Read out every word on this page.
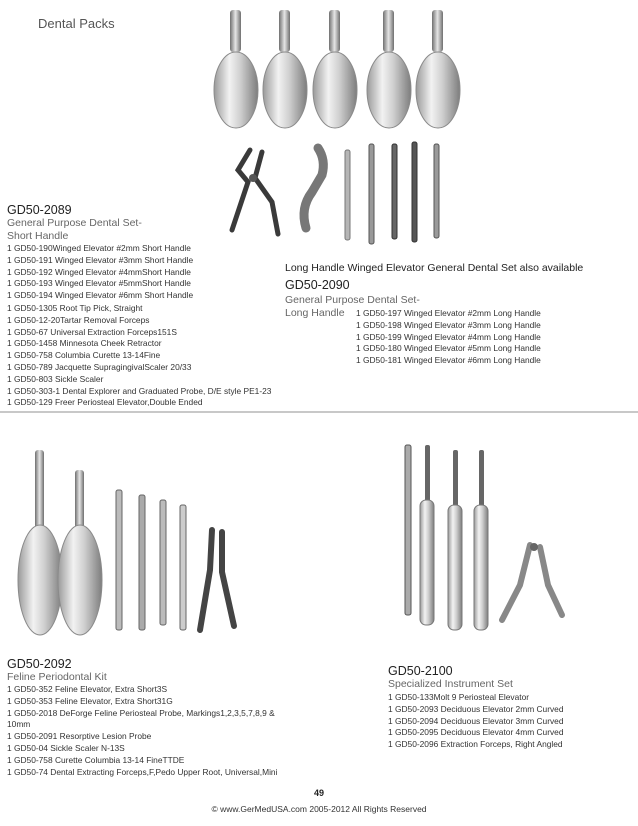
Dental Packs
GD50-2089
General Purpose Dental Set-
Short Handle
1 GD50-190Winged Elevator #2mm Short Handle
1 GD50-191 Winged Elevator #3mm Short Handle
1 GD50-192 Winged Elevator #4mmShort Handle
1 GD50-193 Winged Elevator #5mmShort Handle
1 GD50-194 Winged Elevator #6mm Short Handle
1 GD50-1305 Root Tip Pick, Straight
1 GD50-12-20Tartar Removal Forceps
1 GD50-67 Universal Extraction Forceps151S
1 GD50-1458 Minnesota Cheek Retractor
1 GD50-758 Columbia Curette 13-14Fine
1 GD50-789 Jacquette SupragingivalScaler 20/33
1 GD50-803 Sickle Scaler
1 GD50-303-1 Dental Explorer and Graduated Probe, D/E style PE1-23
1 GD50-129 Freer Periosteal Elevator,Double Ended
Long Handle Winged Elevator General Dental Set also available
GD50-2090
General Purpose Dental Set-
Long Handle 1 GD50-197 Winged Elevator #2mm Long Handle
1 GD50-198 Winged Elevator #3mm Long Handle
1 GD50-199 Winged Elevator #4mm Long Handle
1 GD50-180 Winged Elevator #5mm Long Handle
1 GD50-181 Winged Elevator #6mm Long Handle
GD50-2092
Feline Periodontal Kit
1 GD50-352 Feline Elevator, Extra Short3S
1 GD50-353 Feline Elevator, Extra Short31G
1 GD50-2018 DeForge Feline Periosteal Probe, Markings1,2,3,5,7,8,9 &
10mm
1 GD50-2091 Resorptive Lesion Probe
1 GD50-04 Sickle Scaler N-13S
1 GD50-758 Curette Columbia 13-14 FineTTDE
1 GD50-74 Dental Extracting Forceps,F,Pedo Upper Root, Universal,Mini
GD50-2100
Specialized Instrument Set
1 GD50-133Molt 9 Periosteal Elevator
1 GD50-2093 Deciduous Elevator 2mm Curved
1 GD50-2094 Deciduous Elevator 3mm Curved
1 GD50-2095 Deciduous Elevator 4mm Curved
1 GD50-2096 Extraction Forceps, Right Angled
49
© www.GerMedUSA.com 2005-2012 All Rights Reserved
